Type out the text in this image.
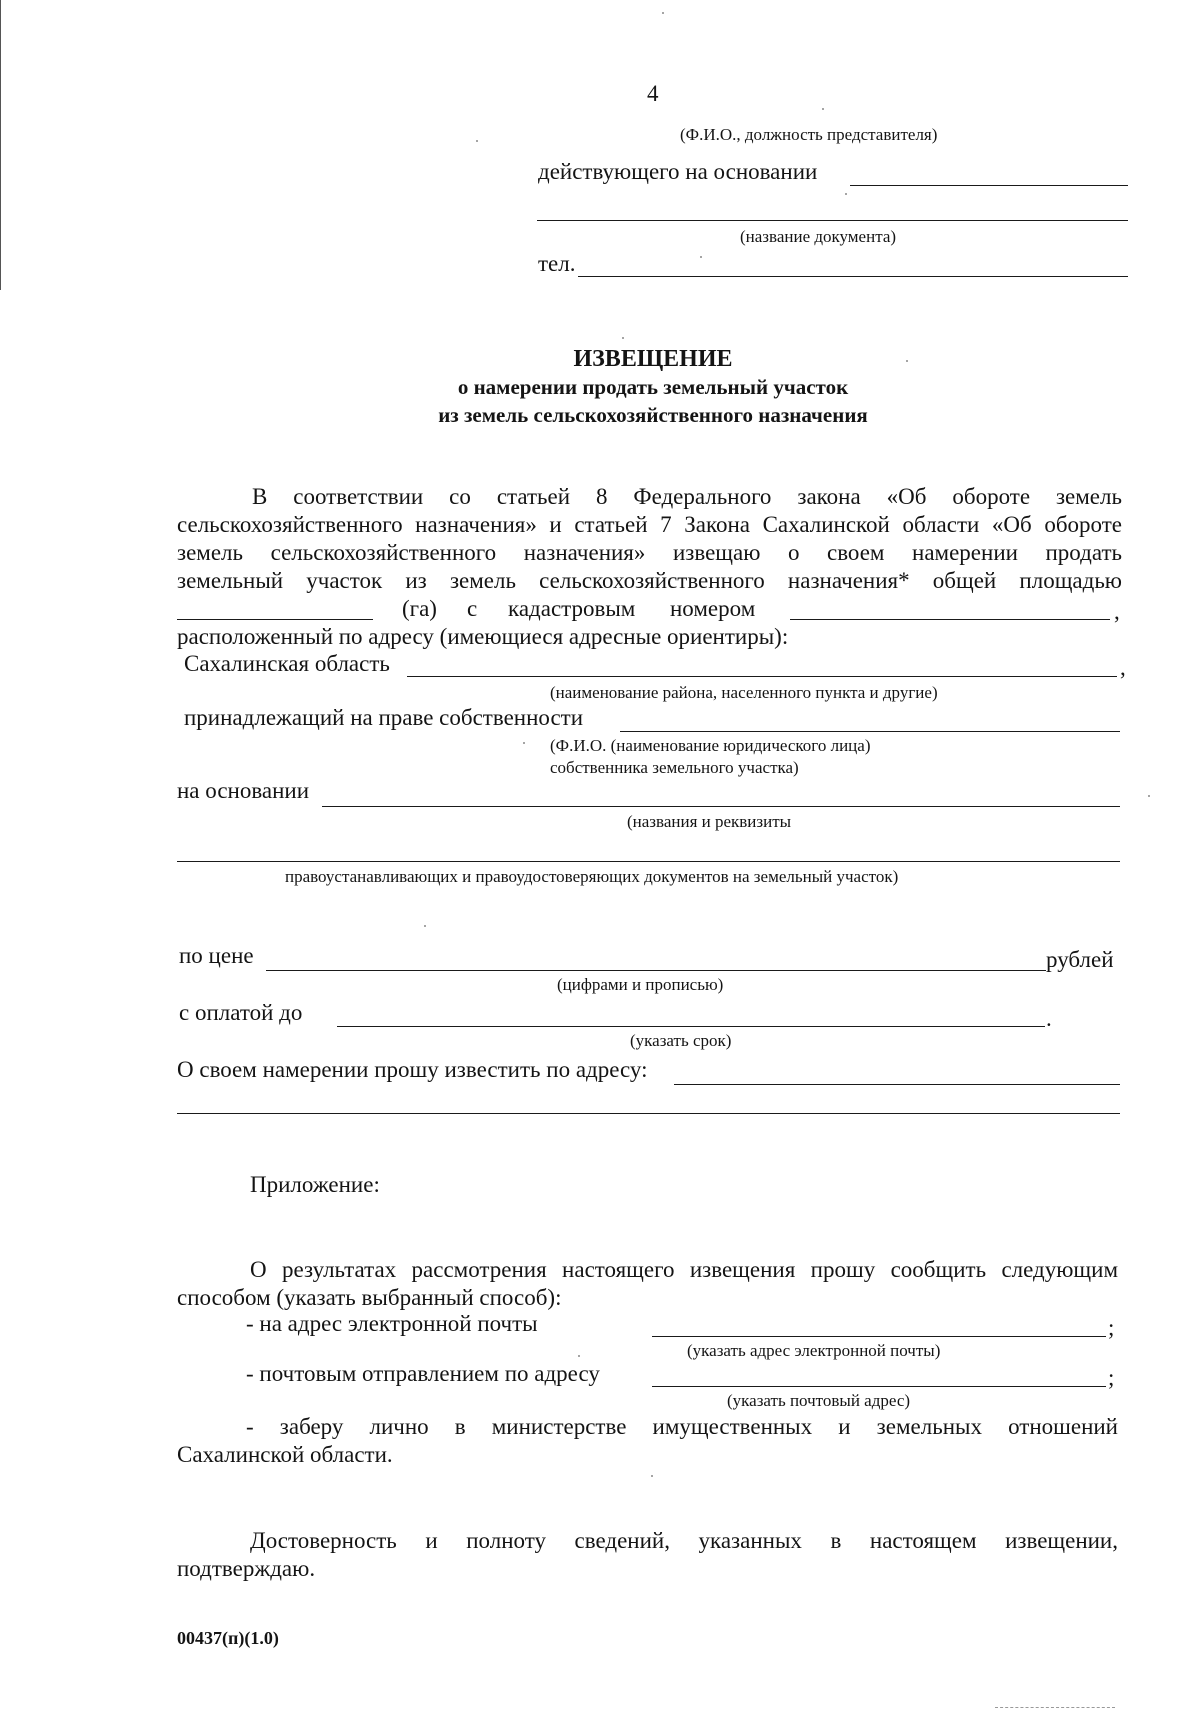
4
(Ф.И.О., должность представителя)
действующего на основании
(название документа)
тел.
ИЗВЕЩЕНИЕ
о намерении продать земельный участок
из земель сельскохозяйственного назначения
В соответствии со статьей 8 Федерального закона «Об обороте земель
сельскохозяйственного назначения» и статьей 7 Закона Сахалинской области «Об обороте
земель сельскохозяйственного назначения» извещаю о своем намерении продать
земельный участок из земель сельскохозяйственного назначения* общей площадью
(га) с кадастровым номером	,
расположенный по адресу (имеющиеся адресные ориентиры):
Сахалинская область	,
(наименование района, населенного пункта и другие)
принадлежащий на праве собственности
(Ф.И.О. (наименование юридического лица)
собственника земельного участка)
на основании
(названия и реквизиты
правоустанавливающих и правоудостоверяющих документов на земельный участок)
по цене	рублей
(цифрами и прописью)
с оплатой до	.
(указать срок)
О своем намерении прошу известить по адресу:
Приложение:
О результатах рассмотрения настоящего извещения прошу сообщить следующим
способом (указать выбранный способ):
- на адрес электронной почты	;
(указать адрес электронной почты)
- почтовым отправлением по адресу	;
(указать почтовый адрес)
- заберу лично в министерстве имущественных и земельных отношений
Сахалинской области.
Достоверность и полноту сведений, указанных в настоящем извещении,
подтверждаю.
00437(п)(1.0)
